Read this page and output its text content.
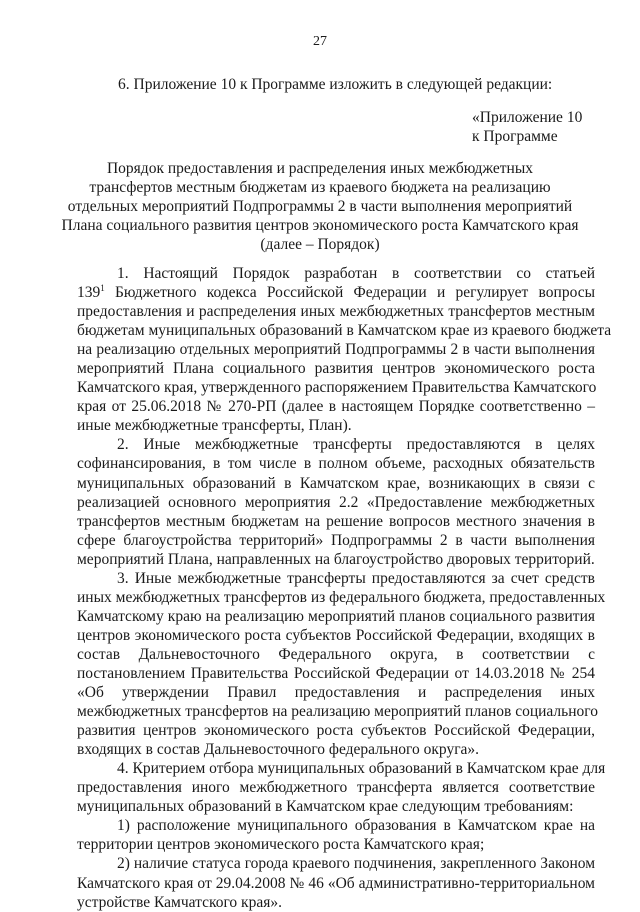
27
6. Приложение 10 к Программе изложить в следующей редакции:
«Приложение 10
к Программе
Порядок предоставления и распределения иных межбюджетных
трансфертов местным бюджетам из краевого бюджета на реализацию
отдельных мероприятий Подпрограммы 2 в части выполнения мероприятий
Плана социального развития центров экономического роста Камчатского края
(далее – Порядок)
1. Настоящий Порядок разработан в соответствии со статьей
$139^1$ Бюджетного кодекса Российской Федерации и регулирует вопросы
предоставления и распределения иных межбюджетных трансфертов местным
бюджетам муниципальных образований в Камчатском крае из краевого бюджета
на реализацию отдельных мероприятий Подпрограммы 2 в части выполнения
мероприятий Плана социального развития центров экономического роста
Камчатского края, утвержденного распоряжением Правительства Камчатского
края от 25.06.2018 № 270-РП (далее в настоящем Порядке соответственно –
иные межбюджетные трансферты, План).
2. Иные межбюджетные трансферты предоставляются в целях
софинансирования, в том числе в полном объеме, расходных обязательств
муниципальных образований в Камчатском крае, возникающих в связи с
реализацией основного мероприятия 2.2 «Предоставление межбюджетных
трансфертов местным бюджетам на решение вопросов местного значения в
сфере благоустройства территорий» Подпрограммы 2 в части выполнения
мероприятий Плана, направленных на благоустройство дворовых территорий.
3. Иные межбюджетные трансферты предоставляются за счет средств
иных межбюджетных трансфертов из федерального бюджета, предоставленных
Камчатскому краю на реализацию мероприятий планов социального развития
центров экономического роста субъектов Российской Федерации, входящих в
состав Дальневосточного Федерального округа, в соответствии с
постановлением Правительства Российской Федерации от 14.03.2018 № 254
«Об утверждении Правил предоставления и распределения иных
межбюджетных трансфертов на реализацию мероприятий планов социального
развития центров экономического роста субъектов Российской Федерации,
входящих в состав Дальневосточного федерального округа».
4. Критерием отбора муниципальных образований в Камчатском крае для
предоставления иного межбюджетного трансферта является соответствие
муниципальных образований в Камчатском крае следующим требованиям:
1) расположение муниципального образования в Камчатском крае на
территории центров экономического роста Камчатского края;
2) наличие статуса города краевого подчинения, закрепленного Законом
Камчатского края от 29.04.2008 № 46 «Об административно-территориальном
устройстве Камчатского края».
